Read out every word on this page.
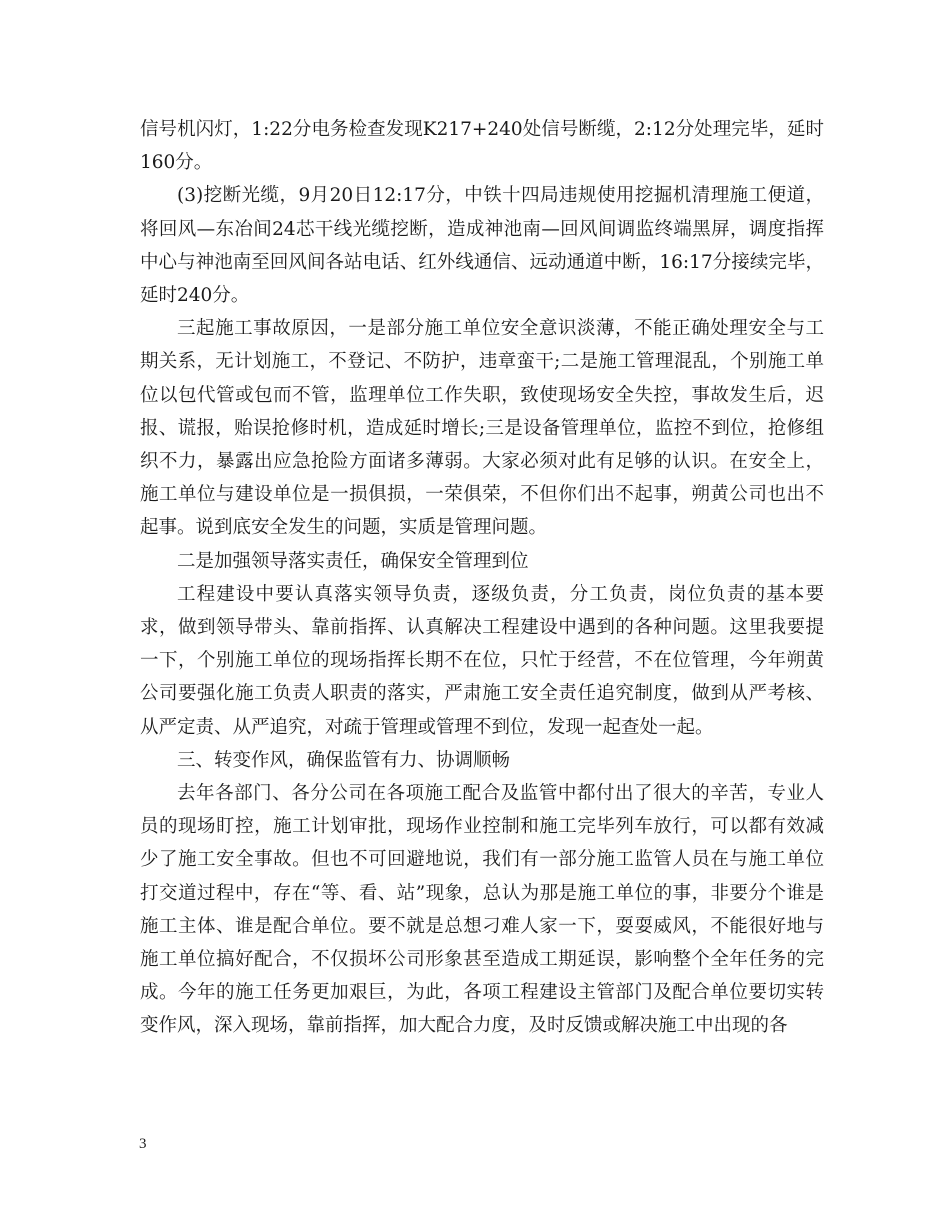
信号机闪灯，1:22分电务检查发现K217+240处信号断缆，2:12分处理完毕，延时160分。

(3)挖断光缆，9月20日12:17分，中铁十四局违规使用挖掘机清理施工便道，将回风—东冶间24芯干线光缆挖断，造成神池南—回风间调监终端黑屏，调度指挥中心与神池南至回风间各站电话、红外线通信、远动通道中断，16:17分接续完毕，延时240分。

三起施工事故原因，一是部分施工单位安全意识淡薄，不能正确处理安全与工期关系，无计划施工，不登记、不防护，违章蛮干;二是施工管理混乱，个别施工单位以包代管或包而不管，监理单位工作失职，致使现场安全失控，事故发生后，迟报、谎报，贻误抢修时机，造成延时增长;三是设备管理单位，监控不到位，抢修组织不力，暴露出应急抢险方面诸多薄弱。大家必须对此有足够的认识。在安全上，施工单位与建设单位是一损俱损，一荣俱荣，不但你们出不起事，朔黄公司也出不起事。说到底安全发生的问题，实质是管理问题。

二是加强领导落实责任，确保安全管理到位

工程建设中要认真落实领导负责，逐级负责，分工负责，岗位负责的基本要求，做到领导带头、靠前指挥、认真解决工程建设中遇到的各种问题。这里我要提一下，个别施工单位的现场指挥长期不在位，只忙于经营，不在位管理，今年朔黄公司要强化施工负责人职责的落实，严肃施工安全责任追究制度，做到从严考核、从严定责、从严追究，对疏于管理或管理不到位，发现一起查处一起。

三、转变作风，确保监管有力、协调顺畅

去年各部门、各分公司在各项施工配合及监管中都付出了很大的辛苦，专业人员的现场盯控，施工计划审批，现场作业控制和施工完毕列车放行，可以都有效减少了施工安全事故。但也不可回避地说，我们有一部分施工监管人员在与施工单位打交道过程中，存在“等、看、站”现象，总认为那是施工单位的事，非要分个谁是施工主体、谁是配合单位。要不就是总想刁难人家一下，耍耍威风，不能很好地与施工单位搞好配合，不仅损坏公司形象甚至造成工期延误，影响整个全年任务的完成。今年的施工任务更加艰巨，为此，各项工程建设主管部门及配合单位要切实转变作风，深入现场，靠前指挥，加大配合力度，及时反馈或解决施工中出现的各

3
